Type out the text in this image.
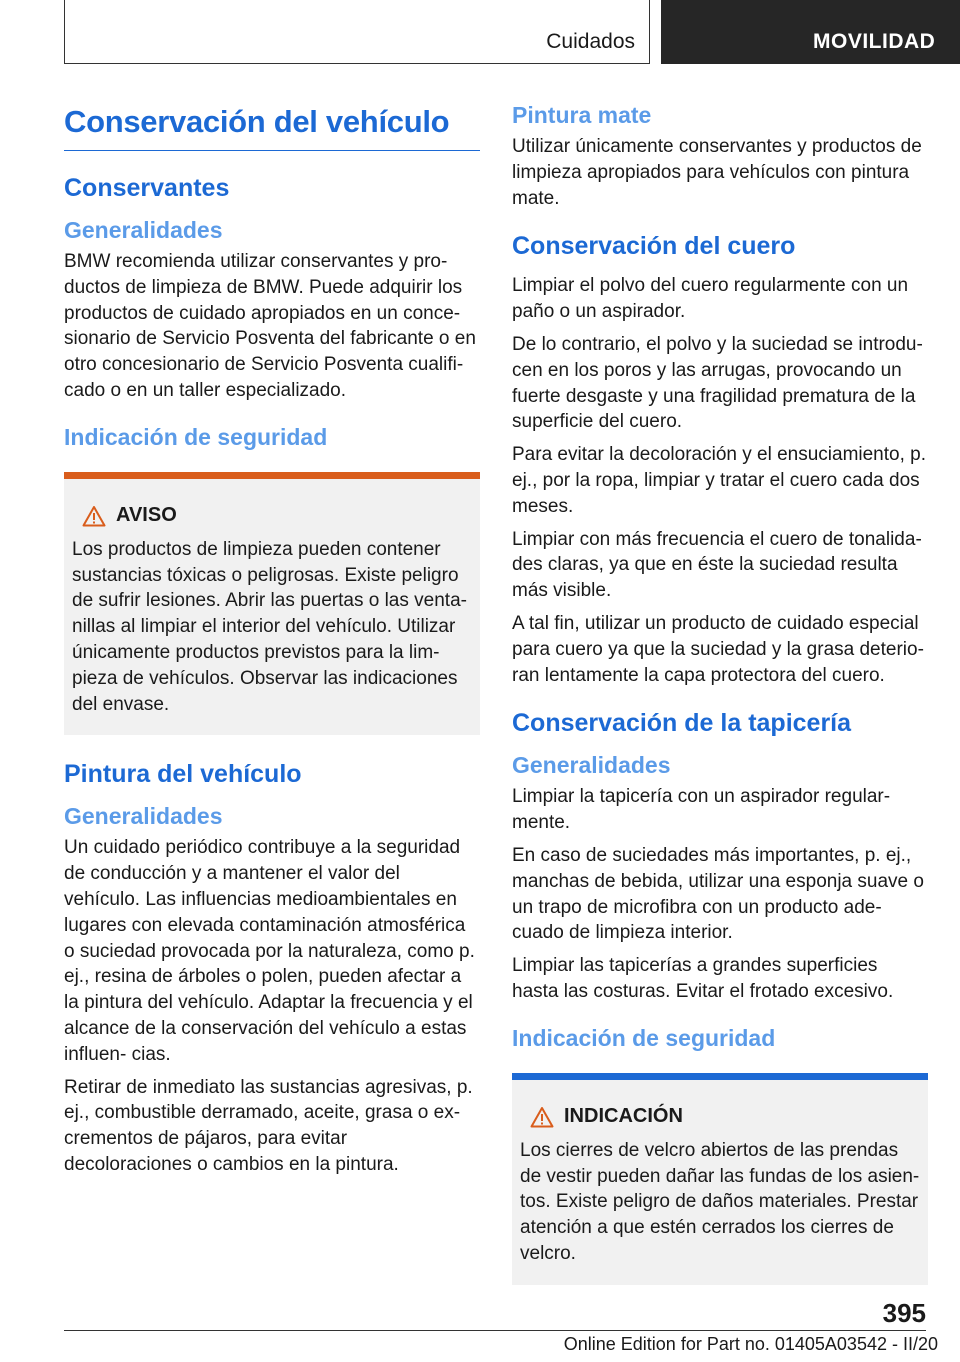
Cuidados	MOVILIDAD
Conservación del vehículo
Conservantes
Generalidades

BMW recomienda utilizar conservantes y pro- ductos de limpieza de BMW. Puede adquirir los productos de cuidado apropiados en un conce- sionario de Servicio Posventa del fabricante o en otro concesionario de Servicio Posventa cualifi- cado o en un taller especializado.

Indicación de seguridad
AVISO

Los productos de limpieza pueden contener sustancias tóxicas o peligrosas. Existe peligro de sufrir lesiones. Abrir las puertas o las venta- nillas al limpiar el interior del vehículo. Utilizar únicamente productos previstos para la lim- pieza de vehículos. Observar las indicaciones del envase.

Pintura del vehículo
Generalidades

Un cuidado periódico contribuye a la seguridad de conducción y a mantener el valor del vehículo. Las influencias medioambientales en lugares con elevada contaminación atmosférica o suciedad provocada por la naturaleza, como p. ej., resina de árboles o polen, pueden afectar a la pintura del vehículo. Adaptar la frecuencia y el alcance de la conservación del vehículo a estas influen- cias.

Retirar de inmediato las sustancias agresivas, p. ej., combustible derramado, aceite, grasa o ex- crementos de pájaros, para evitar decoloraciones o cambios en la pintura.

Pintura mate

Utilizar únicamente conservantes y productos de limpieza apropiados para vehículos con pintura mate.

Conservación del cuero

Limpiar el polvo del cuero regularmente con un paño o un aspirador.

De lo contrario, el polvo y la suciedad se introdu- cen en los poros y las arrugas, provocando un fuerte desgaste y una fragilidad prematura de la superficie del cuero.

Para evitar la decoloración y el ensuciamiento, p. ej., por la ropa, limpiar y tratar el cuero cada dos meses.

Limpiar con más frecuencia el cuero de tonalida- des claras, ya que en éste la suciedad resulta más visible.

A tal fin, utilizar un producto de cuidado especial para cuero ya que la suciedad y la grasa deterio- ran lentamente la capa protectora del cuero.

Conservación de la tapicería
Generalidades

Limpiar la tapicería con un aspirador regular- mente.

En caso de suciedades más importantes, p. ej., manchas de bebida, utilizar una esponja suave o un trapo de microfibra con un producto ade- cuado de limpieza interior.

Limpiar las tapicerías a grandes superficies hasta las costuras. Evitar el frotado excesivo.

Indicación de seguridad
INDICACIÓN

Los cierres de velcro abiertos de las prendas de vestir pueden dañar las fundas de los asien- tos. Existe peligro de daños materiales. Prestar atención a que estén cerrados los cierres de velcro.

395
Online Edition for Part no. 01405A03542 - II/20
